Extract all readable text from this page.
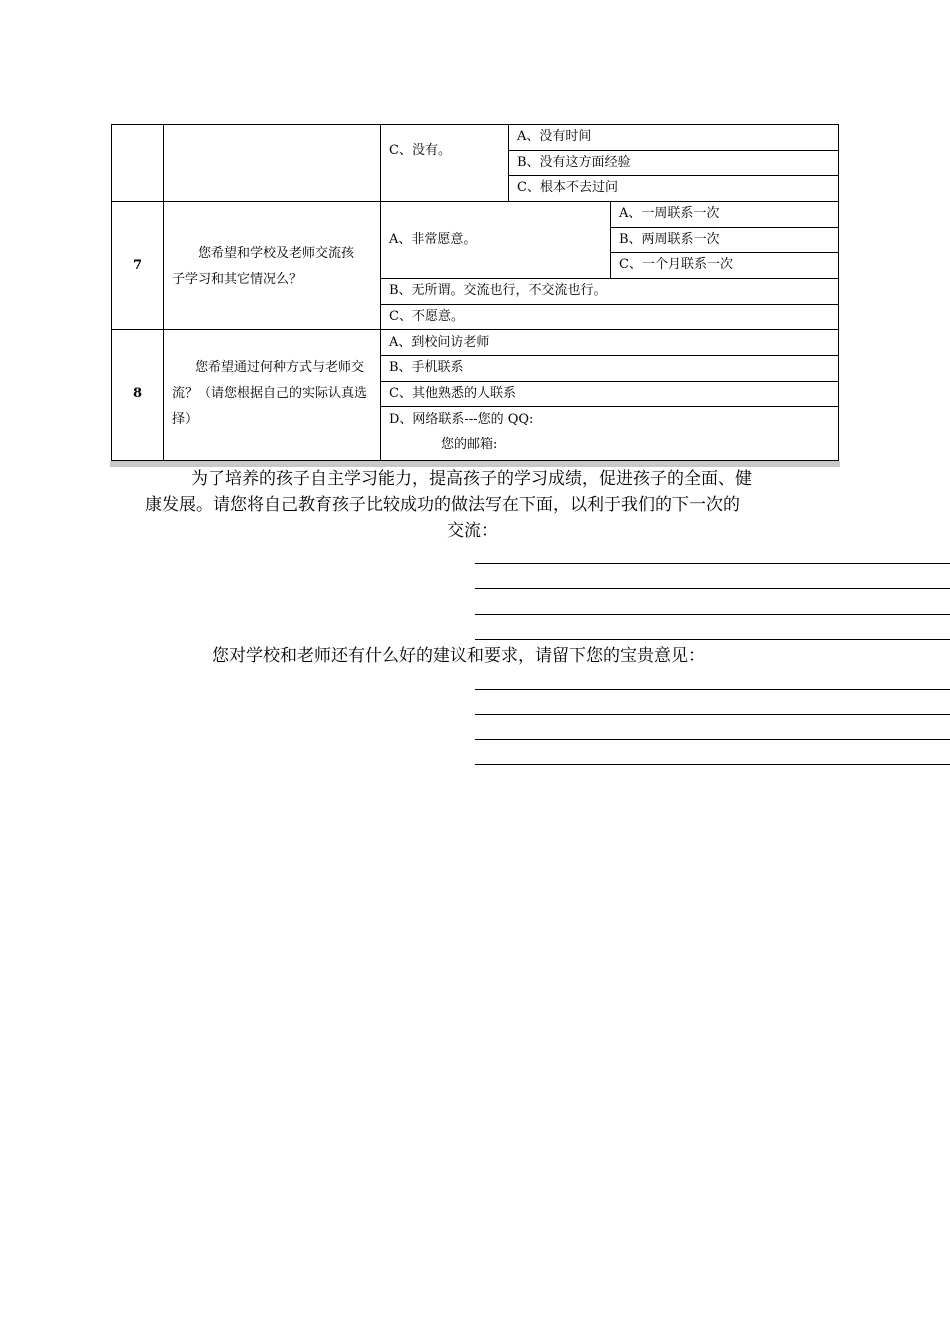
C、没有。
A、没有时间
B、没有这方面经验
C、根本不去过问
7
您希望和学校及老师交流孩子学习和其它情况么？
A、非常愿意。
A、一周联系一次
B、两周联系一次
C、一个月联系一次
B、无所谓。交流也行，不交流也行。
C、不愿意。
8
您希望通过何种方式与老师交流？（请您根据自己的实际认真选择）
A、到校问访老师
B、手机联系
C、其他熟悉的人联系
D、网络联系---您的 QQ:
您的邮箱:
为了培养的孩子自主学习能力，提高孩子的学习成绩，促进孩子的全面、健
康发展。请您将自己教育孩子比较成功的做法写在下面，以利于我们的下一次的
交流：
您对学校和老师还有什么好的建议和要求，请留下您的宝贵意见：
